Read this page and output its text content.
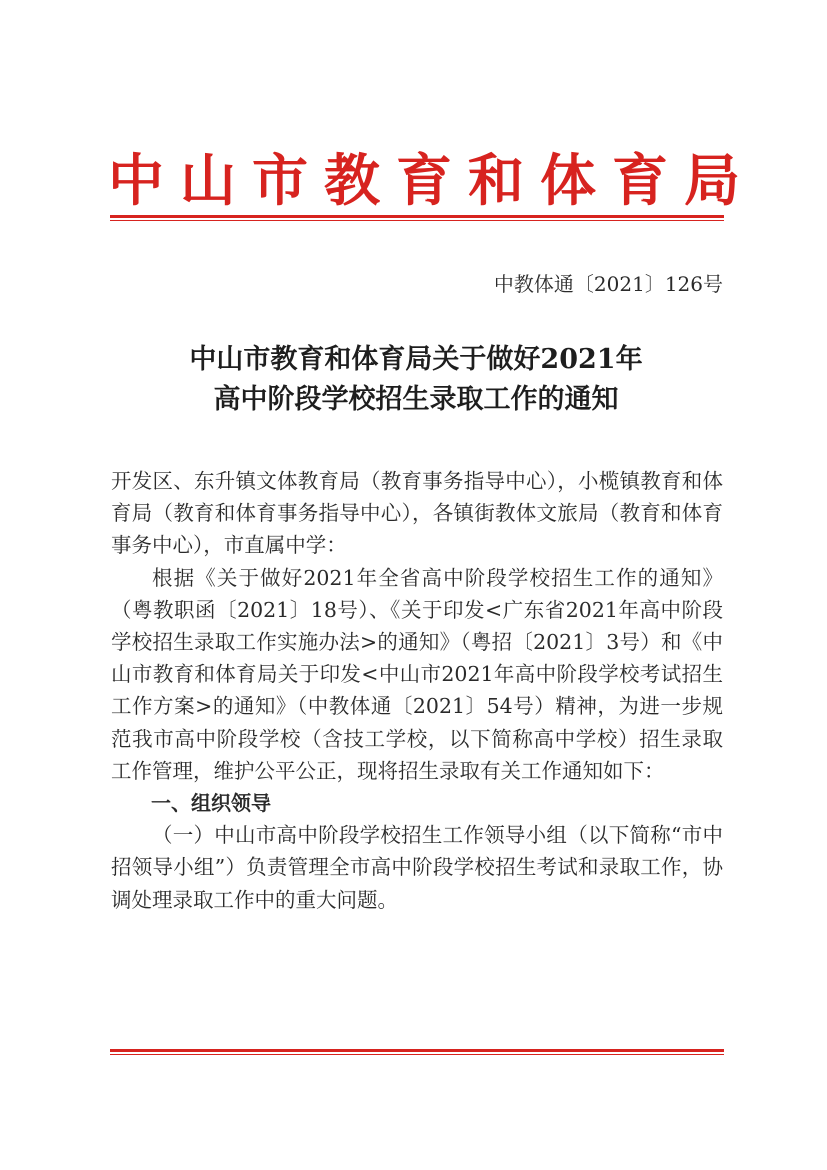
中山市教育和体育局
中教体通〔2021〕126号
中山市教育和体育局关于做好2021年
高中阶段学校招生录取工作的通知

开发区、东升镇文体教育局（教育事务指导中心），小榄镇教育和体育局（教育和体育事务指导中心），各镇街教体文旅局（教育和体育事务中心），市直属中学：

根据《关于做好2021年全省高中阶段学校招生工作的通知》（粤教职函〔2021〕18号）、《关于印发<广东省2021年高中阶段学校招生录取工作实施办法>的通知》（粤招〔2021〕3号）和《中山市教育和体育局关于印发<中山市2021年高中阶段学校考试招生工作方案>的通知》（中教体通〔2021〕54号）精神，为进一步规范我市高中阶段学校（含技工学校，以下简称高中学校）招生录取工作管理，维护公平公正，现将招生录取有关工作通知如下：

一、组织领导

（一）中山市高中阶段学校招生工作领导小组（以下简称“市中招领导小组”）负责管理全市高中阶段学校招生考试和录取工作，协调处理录取工作中的重大问题。
